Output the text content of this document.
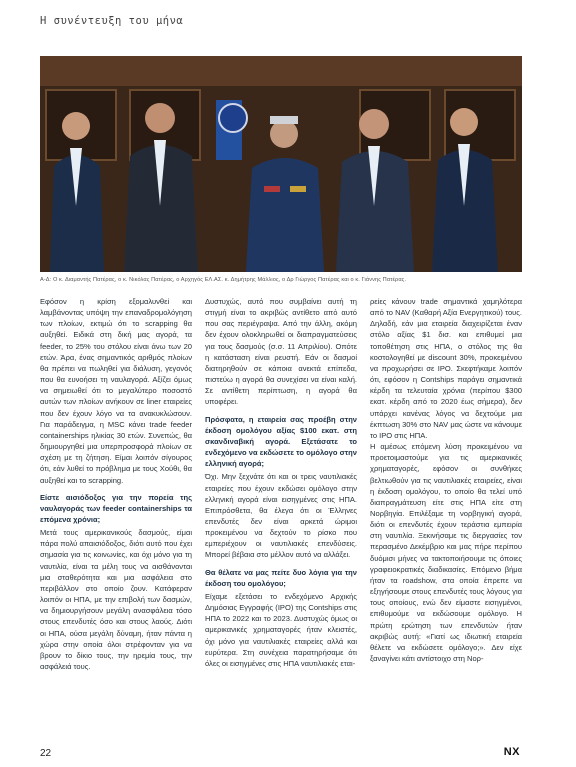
Η συνέντευξη του μήνα
Α-Δ: Ο κ. Διαμαντής Πατέρας, ο κ. Νικόλας Πατέρας, ο Αρχηγός ΕΛ.ΑΣ. κ. Δημήτρης Μάλλιος, ο Δρ Γιώργος Πατέρας και ο κ. Γιάννης Πατέρας.

Εφόσον η κρίση εξομαλυνθεί και λαμβάνοντας υπόψη την επαναδρομολόγηση των πλοίων, εκτιμώ ότι το scrapping θα αυξηθεί. Ειδικά στη δική μας αγορά, τα feeder, το 25% του στόλου είναι άνω των 20 ετών. Άρα, ένας σημαντικός αριθμός πλοίων θα πρέπει να πωληθεί για διάλυση, γεγονός που θα ευνοήσει τη ναυλαγορά. Αξίζει όμως να σημειωθεί ότι το μεγαλύτερο ποσοστό αυτών των πλοίων ανήκουν σε liner εταιρείες που δεν έχουν λόγο να τα ανακυκλώσουν. Για παράδειγμα, η MSC κάνει trade feeder containerships ηλικίας 30 ετών. Συνεπώς, θα δημιουργηθεί μια υπερπροσφορά πλοίων σε σχέση με τη ζήτηση. Είμαι λοιπόν σίγουρος ότι, εάν λυθεί το πρόβλημα με τους Χούθι, θα αυξηθεί και το scrapping.

Είστε αισιόδοξος για την πορεία της ναυλαγοράς των feeder containerships τα επόμενα χρόνια;

Μετά τους αμερικανικούς δασμούς, είμαι πάρα πολύ απαισιόδοξος, διότι αυτό που έχει σημασία για τις κοινωνίες, και όχι μόνο για τη ναυτιλία, είναι τα μέλη τους να αισθάνονται μια σταθερότητα και μια ασφάλεια στο περιβάλλον στο οποίο ζουν. Κατάφεραν λοιπόν οι ΗΠΑ, με την επιβολή των δασμών, να δημιουργήσουν μεγάλη ανασφάλεια τόσο στους επενδυτές όσο και στους λαούς. Διότι οι ΗΠΑ, ούσα μεγάλη δύναμη, ήταν πάντα η χώρα στην οποία όλοι στρέφονταν για να βρουν το δίκιο τους, την ηρεμία τους, την ασφάλειά τους.

Δυστυχώς, αυτό που συμβαίνει αυτή τη στιγμή είναι το ακριβώς αντίθετο από αυτό που σας περιέγραψα. Από την άλλη, ακόμη δεν έχουν ολοκληρωθεί οι διαπραγματεύσεις για τους δασμούς (σ.σ. 11 Απριλίου). Οπότε η κατάσταση είναι ρευστή. Εάν οι δασμοί διατηρηθούν σε κάποια ανεκτά επίπεδα, πιστεύω η αγορά θα συνεχίσει να είναι καλή. Σε αντίθετη περίπτωση, η αγορά θα υποφέρει.

Πρόσφατα, η εταιρεία σας προέβη στην έκδοση ομολόγου αξίας $100 εκατ. στη σκανδιναβική αγορά. Εξετάσατε το ενδεχόμενο να εκδώσετε το ομόλογο στην ελληνική αγορά;

Όχι. Μην ξεχνάτε ότι και οι τρεις ναυτιλιακές εταιρείες που έχουν εκδώσει ομόλογο στην ελληνική αγορά είναι εισηγμένες στις ΗΠΑ. Επιπρόσθετα, θα έλεγα ότι οι Έλληνες επενδυτές δεν είναι αρκετά ώριμοι προκειμένου να δεχτούν το ρίσκο που εμπεριέχουν οι ναυτιλιακές επενδύσεις. Μπορεί βέβαια στο μέλλον αυτό να αλλάξει.

Θα θέλατε να μας πείτε δυο λόγια για την έκδοση του ομολόγου;

Είχαμε εξετάσει το ενδεχόμενο Αρχικής Δημόσιας Εγγραφής (IPO) της Contships στις ΗΠΑ το 2022 και το 2023. Δυστυχώς όμως οι αμερικανικές χρηματαγορές ήταν κλειστές, όχι μόνο για ναυτιλιακές εταιρείες αλλά και ευρύτερα. Στη συνέχεια παρατηρήσαμε ότι όλες οι εισηγμένες στις ΗΠΑ ναυτιλιακές εται-

ρείες κάνουν trade σημαντικά χαμηλότερα από το NAV (Καθαρή Αξία Ενεργητικού) τους. Δηλαδή, εάν μια εταιρεία διαχειρίζεται έναν στόλο αξίας $1 δισ. και επιθυμεί μια τοποθέτηση στις ΗΠΑ, ο στόλος της θα κοστολογηθεί με discount 30%, προκειμένου να προχωρήσει σε IPO. Σκεφτήκαμε λοιπόν ότι, εφόσον η Contships παράγει σημαντικά κέρδη τα τελευταία χρόνια (περίπου $300 εκατ. κέρδη από το 2020 έως σήμερα), δεν υπάρχει κανένας λόγος να δεχτούμε μια έκπτωση 30% στο NAV μας ώστε να κάνουμε το IPO στις ΗΠΑ.

Η αμέσως επόμενη λύση προκειμένου να προετοιμαστούμε για τις αμερικανικές χρηματαγορές, εφόσον οι συνθήκες βελτιωθούν για τις ναυτιλιακές εταιρείες, είναι η έκδοση ομολόγου, το οποίο θα τελεί υπό διαπραγμάτευση είτε στις ΗΠΑ είτε στη Νορβηγία. Επιλέξαμε τη νορβηγική αγορά, διότι οι επενδυτές έχουν τεράστια εμπειρία στη ναυτιλία. Ξεκινήσαμε τις διεργασίες τον περασμένο Δεκέμβριο και μας πήρε περίπου δυόμισι μήνες να τακτοποιήσουμε τις όποιες γραφειοκρατικές διαδικασίες. Επόμενο βήμα ήταν τα roadshow, στα οποία έπρεπε να εξηγήσουμε στους επενδυτές τους λόγους για τους οποίους, ενώ δεν είμαστε εισηγμένοι, επιθυμούμε να εκδώσουμε ομόλογο. Η πρώτη ερώτηση των επενδυτών ήταν ακριβώς αυτή: «Γιατί ως ιδιωτική εταιρεία θέλετε να εκδώσετε ομόλογο;». Δεν είχε ξαναγίνει κάτι αντίστοιχο στη Νορ-

22	NX
